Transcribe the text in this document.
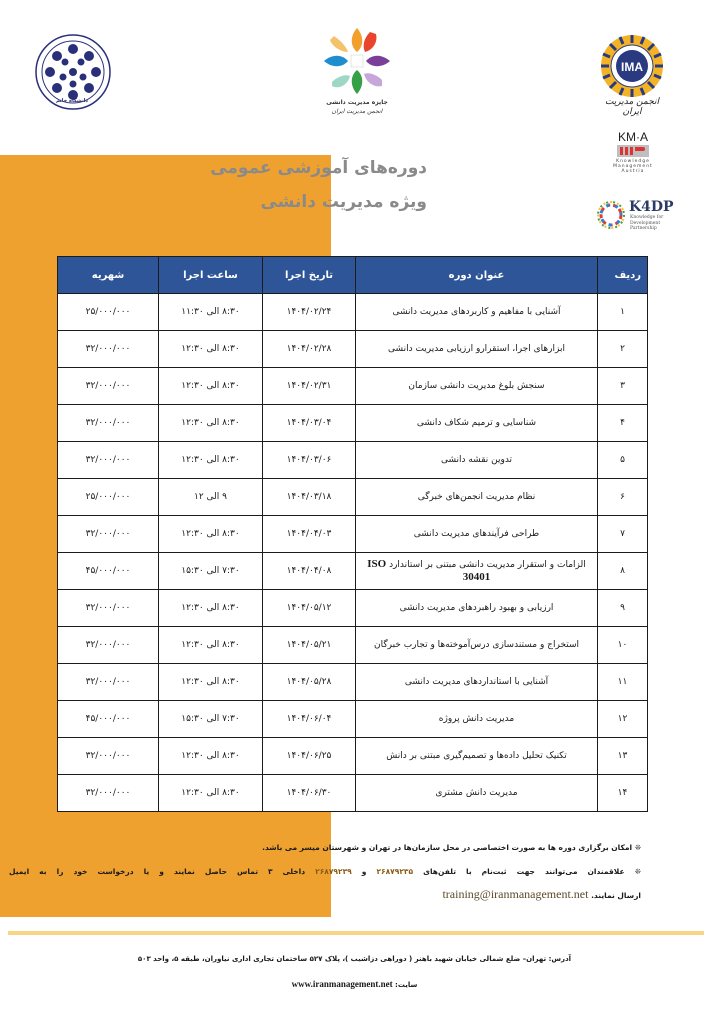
دانشگاه خاتم	جایزه مدیریت دانشی
انجمن مدیریت ایران
IMA
انجمن مدیریت ایران
KM·A
Knowledge Management Austria
K4DP
Knowledge for Development Partnership
دوره‌های آموزشی عمومی
ویژه مدیریت دانشی
ردیف	عنوان دوره	تاریخ اجرا	ساعت اجرا	شهریه
۱	آشنایی با مفاهیم و کاربردهای مدیریت دانشی	۱۴۰۴/۰۲/۲۴	۸:۳۰ الی ۱۱:۳۰	۲۵/۰۰۰/۰۰۰
۲	ابزارهای اجرا، استقرارو ارزیابی مدیریت دانشی	۱۴۰۴/۰۲/۲۸	۸:۳۰ الی ۱۲:۳۰	۳۲/۰۰۰/۰۰۰
۳	سنجش بلوغ مدیریت دانشی سازمان	۱۴۰۴/۰۲/۳۱	۸:۳۰ الی ۱۲:۳۰	۳۲/۰۰۰/۰۰۰
۴	شناسایی و ترمیم شکاف دانشی	۱۴۰۴/۰۳/۰۴	۸:۳۰ الی ۱۲:۳۰	۳۲/۰۰۰/۰۰۰
۵	تدوین نقشه دانشی	۱۴۰۴/۰۳/۰۶	۸:۳۰ الی ۱۲:۳۰	۳۲/۰۰۰/۰۰۰
۶	نظام مدیریت انجمن‌های خبرگی	۱۴۰۴/۰۳/۱۸	۹ الی ۱۲	۲۵/۰۰۰/۰۰۰
۷	طراحی فرآیندهای مدیریت دانشی	۱۴۰۴/۰۴/۰۳	۸:۳۰ الی ۱۲:۳۰	۳۲/۰۰۰/۰۰۰
۸	الزامات و استقرار مدیریت دانشی مبتنی بر استاندارد ISO 30401	۱۴۰۴/۰۴/۰۸	۷:۳۰ الی ۱۵:۳۰	۴۵/۰۰۰/۰۰۰
۹	ارزیابی و بهبود راهبردهای مدیریت دانشی	۱۴۰۴/۰۵/۱۲	۸:۳۰ الی ۱۲:۳۰	۳۲/۰۰۰/۰۰۰
۱۰	استخراج و مستندسازی درس‌آموخته‌ها و تجارب خبرگان	۱۴۰۴/۰۵/۲۱	۸:۳۰ الی ۱۲:۳۰	۳۲/۰۰۰/۰۰۰
۱۱	آشنایی با استانداردهای مدیریت دانشی	۱۴۰۴/۰۵/۲۸	۸:۳۰ الی ۱۲:۳۰	۳۲/۰۰۰/۰۰۰
۱۲	مدیریت دانش پروژه	۱۴۰۴/۰۶/۰۴	۷:۳۰ الی ۱۵:۳۰	۴۵/۰۰۰/۰۰۰
۱۳	تکنیک تحلیل داده‌ها و تصمیم‌گیری مبتنی بر دانش	۱۴۰۴/۰۶/۲۵	۸:۳۰ الی ۱۲:۳۰	۳۲/۰۰۰/۰۰۰
۱۴	مدیریت دانش مشتری	۱۴۰۴/۰۶/۳۰	۸:۳۰ الی ۱۲:۳۰	۳۲/۰۰۰/۰۰۰
❊ امکان برگزاری دوره ها به صورت اختصاصی در محل سازمان‌ها در تهران و شهرستان میسر می باشد.
❊ علاقمندان می‌توانند جهت ثبت‌نام با تلفن‌های ۲۶۸۷۹۲۳۵ و ۲۶۸۷۹۲۳۹ داخلی ۳ تماس حاصل نمایند و یا درخواست خود را به ایمیل
ارسال نمایند. training@iranmanagement.net
آدرس: تهران– ضلع شمالی خیابان شهید باهنر ( دوراهی دزاشیب )، پلاک ۵۲۷ ساختمان تجاری اداری نیاوران، طبقه ۵، واحد ۵۰۳
سایت: www.iranmanagement.net
